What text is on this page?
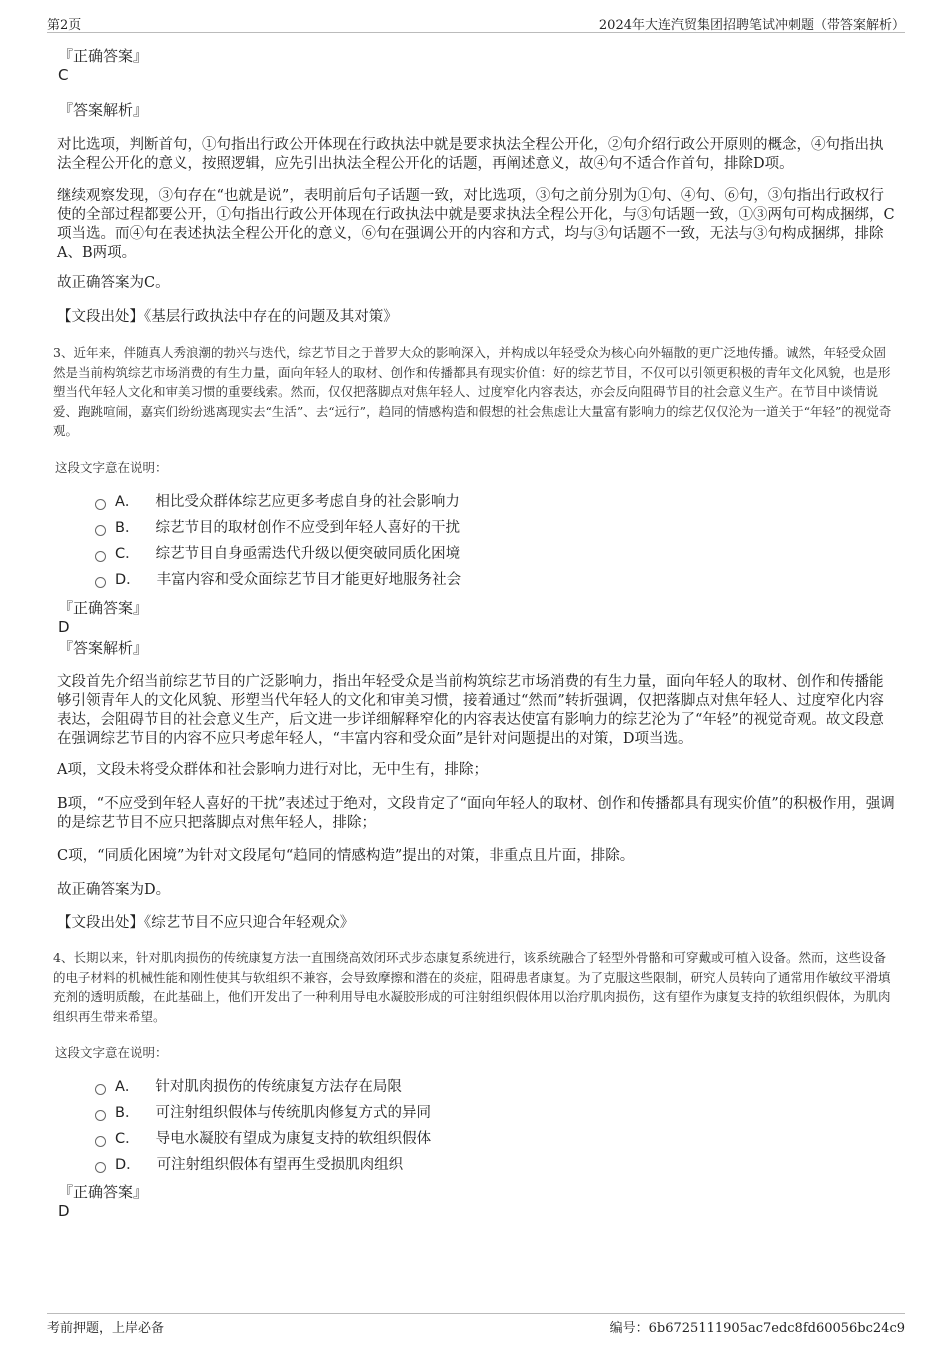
第2页	2024年大连汽贸集团招聘笔试冲刺题（带答案解析）
『正确答案』
C
『答案解析』

对比选项，判断首句，①句指出行政公开体现在行政执法中就是要求执法全程公开化，②句介绍行政公开原则的概念，④句指出执法全程公开化的意义，按照逻辑，应先引出执法全程公开化的话题，再阐述意义，故④句不适合作首句，排除D项。

继续观察发现，③句存在“也就是说”，表明前后句子话题一致，对比选项，③句之前分别为①句、④句、⑥句，③句指出行政权行使的全部过程都要公开，①句指出行政公开体现在行政执法中就是要求执法全程公开化，与③句话题一致，①③两句可构成捆绑，C项当选。而④句在表述执法全程公开化的意义，⑥句在强调公开的内容和方式，均与③句话题不一致，无法与③句构成捆绑，排除A、B两项。

故正确答案为C。

【文段出处】《基层行政执法中存在的问题及其对策》

3、近年来，伴随真人秀浪潮的勃兴与迭代，综艺节目之于普罗大众的影响深入，并构成以年轻受众为核心向外辐散的更广泛地传播。诚然，年轻受众固然是当前构筑综艺市场消费的有生力量，面向年轻人的取材、创作和传播都具有现实价值：好的综艺节目，不仅可以引领更积极的青年文化风貌，也是形塑当代年轻人文化和审美习惯的重要线索。然而，仅仅把落脚点对焦年轻人、过度窄化内容表达，亦会反向阻碍节目的社会意义生产。在节目中谈情说爱、跑跳喧闹，嘉宾们纷纷逃离现实去“生活”、去“远行”，趋同的情感构造和假想的社会焦虑让大量富有影响力的综艺仅仅沦为一道关于“年轻”的视觉奇观。

这段文字意在说明：
A． 相比受众群体综艺应更多考虑自身的社会影响力
B． 综艺节目的取材创作不应受到年轻人喜好的干扰
C． 综艺节目自身亟需迭代升级以便突破同质化困境
D． 丰富内容和受众面综艺节目才能更好地服务社会
『正确答案』
D
『答案解析』

文段首先介绍当前综艺节目的广泛影响力，指出年轻受众是当前构筑综艺市场消费的有生力量，面向年轻人的取材、创作和传播能够引领青年人的文化风貌、形塑当代年轻人的文化和审美习惯，接着通过“然而”转折强调，仅把落脚点对焦年轻人、过度窄化内容表达，会阻碍节目的社会意义生产，后文进一步详细解释窄化的内容表达使富有影响力的综艺沦为了“年轻”的视觉奇观。故文段意在强调综艺节目的内容不应只考虑年轻人，“丰富内容和受众面”是针对问题提出的对策，D项当选。

A项，文段未将受众群体和社会影响力进行对比，无中生有，排除；

B项，“不应受到年轻人喜好的干扰”表述过于绝对，文段肯定了“面向年轻人的取材、创作和传播都具有现实价值”的积极作用，强调的是综艺节目不应只把落脚点对焦年轻人，排除；

C项，“同质化困境”为针对文段尾句“趋同的情感构造”提出的对策，非重点且片面，排除。

故正确答案为D。

【文段出处】《综艺节目不应只迎合年轻观众》

4、长期以来，针对肌肉损伤的传统康复方法一直围绕高效闭环式步态康复系统进行，该系统融合了轻型外骨骼和可穿戴或可植入设备。然而，这些设备的电子材料的机械性能和刚性使其与软组织不兼容，会导致摩擦和潜在的炎症，阻碍患者康复。为了克服这些限制，研究人员转向了通常用作敏纹平滑填充剂的透明质酸，在此基础上，他们开发出了一种利用导电水凝胶形成的可注射组织假体用以治疗肌肉损伤，这有望作为康复支持的软组织假体，为肌肉组织再生带来希望。

这段文字意在说明：
A． 针对肌肉损伤的传统康复方法存在局限
B． 可注射组织假体与传统肌肉修复方式的异同
C． 导电水凝胶有望成为康复支持的软组织假体
D． 可注射组织假体有望再生受损肌肉组织
『正确答案』
D
考前押题，上岸必备	编号：6b6725111905ac7edc8fd60056bc24c9
